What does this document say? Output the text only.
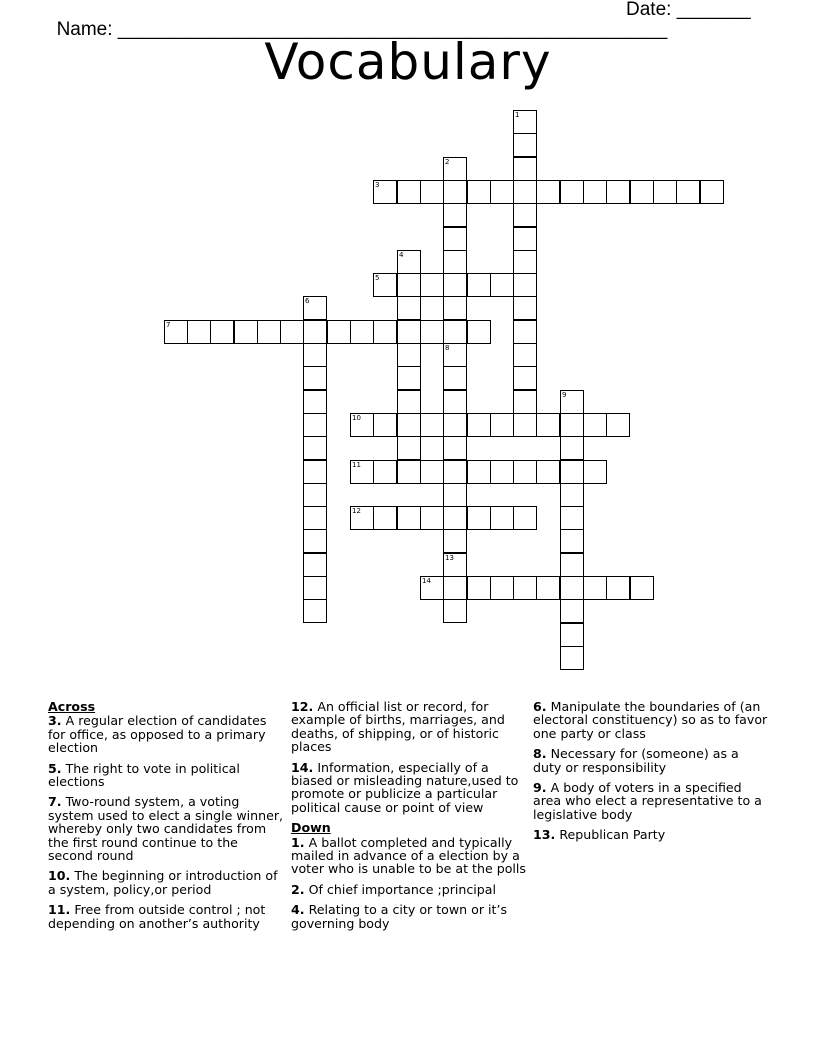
Name: ____________________________________________________

Date: _______

Vocabulary
1
2
3
4
5
6
7
8
9
10
11
12
13
14
Across
3. A regular election of candidates for office, as opposed to a primary election
5. The right to vote in political elections
7. Two-round system, a voting system used to elect a single winner, whereby only two candidates from the first round continue to the second round
10. The beginning or introduction of a system, policy,or period
11. Free from outside control ; not depending on another’s authority
12. An official list or record, for example of births, marriages, and deaths, of shipping, or of historic places
14. Information, especially of a biased or misleading nature,used to promote or publicize a particular political cause or point of view
Down
1. A ballot completed and typically mailed in advance of a election by a voter who is unable to be at the polls
2. Of chief importance ;principal
4. Relating to a city or town or it’s governing body
6. Manipulate the boundaries of (an electoral constituency) so as to favor one party or class
8. Necessary for (someone) as a duty or responsibility
9. A body of voters in a specified area who elect a representative to a legislative body
13. Republican Party
